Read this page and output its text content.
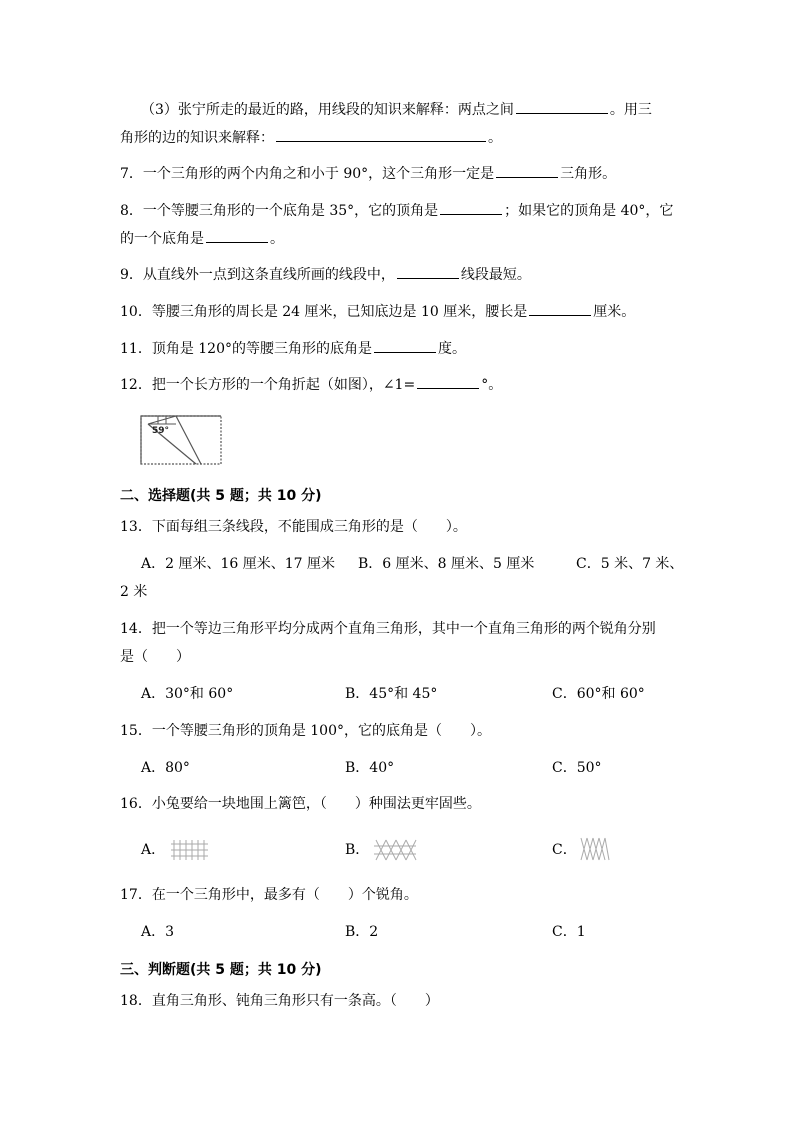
（3）张宁所走的最近的路，用线段的知识来解释：两点之间	。用三
角形的边的知识来解释：	。
7．一个三角形的两个内角之和小于 90°，这个三角形一定是	三角形。
8．一个等腰三角形的一个底角是 35°，它的顶角是	；如果它的顶角是 40°，它
的一个底角是	。
9．从直线外一点到这条直线所画的线段中，	线段最短。
10．等腰三角形的周长是 24 厘米，已知底边是 10 厘米，腰长是	厘米。
11．顶角是 120°的等腰三角形的底角是	度。
12．把一个长方形的一个角折起（如图），∠1=	°。
59°
二、选择题(共 5 题；共 10 分)
13．下面每组三条线段，不能围成三角形的是（　　）。
A．2 厘米、16 厘米、17 厘米 B．6 厘米、8 厘米、5 厘米	C．5 米、7 米、
2 米
14．把一个等边三角形平均分成两个直角三角形，其中一个直角三角形的两个锐角分别
是（　　）
A．30°和 60°	B．45°和 45°	C．60°和 60°
15．一个等腰三角形的顶角是 100°，它的底角是（　　）。
A．80°	B．40°	C．50°
16．小兔要给一块地围上篱笆，（　　）种围法更牢固些。
A．	B．	C．
17．在一个三角形中，最多有（　　）个锐角。
A．3	B．2	C．1
三、判断题(共 5 题；共 10 分)
18．直角三角形、钝角三角形只有一条高。（　　）
